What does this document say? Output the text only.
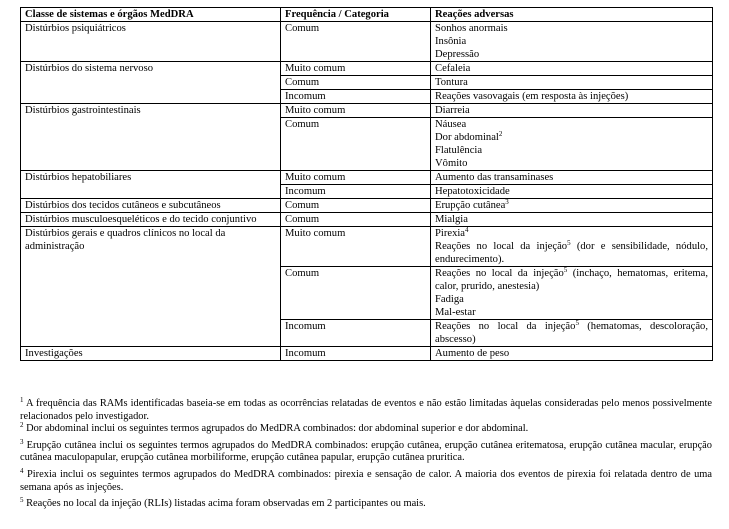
Classe de sistemas e órgãos MedDRA	Frequência / Categoria	Reações adversas
Distúrbios psiquiátricos	Comum	Sonhos anormais
Insônia
Depressão

Distúrbios do sistema nervoso	Muito comum	Cefaleia

	Comum	Tontura

	Incomum	Reações vasovagais (em resposta às injeções)

Distúrbios gastrointestinais	Muito comum	Diarreia

	Comum	Náusea
Dor abdominal$^2$
Flatulência
Vômito

Distúrbios hepatobiliares	Muito comum	Aumento das transaminases

	Incomum	Hepatotoxicidade

Distúrbios dos tecidos cutâneos e subcutâneos	Comum	Erupção cutânea$^3$

Distúrbios musculoesqueléticos e do tecido conjuntivo	Comum	Mialgia

Distúrbios gerais e quadros clínicos no local da administração	Muito comum	Pirexia$^4$
Reações no local da injeção$^5$ (dor e sensibilidade, nódulo, endurecimento).

	Comum	Reações no local da injeção$^5$ (inchaço, hematomas, eritema, calor, prurido, anestesia)
Fadiga
Mal-estar

	Incomum	Reações no local da injeção$^5$ (hematomas, descoloração, abscesso)

Investigações	Incomum	Aumento de peso
$^1$ A frequência das RAMs identificadas baseia-se em todas as ocorrências relatadas de eventos e não estão limitadas àquelas consideradas pelo menos possivelmente relacionados pelo investigador.
$^2$ Dor abdominal inclui os seguintes termos agrupados do MedDRA combinados: dor abdominal superior e dor abdominal.
$^3$ Erupção cutânea inclui os seguintes termos agrupados do MedDRA combinados: erupção cutânea, erupção cutânea eritematosa, erupção cutânea macular, erupção cutânea maculopapular, erupção cutânea morbiliforme, erupção cutânea papular, erupção cutânea pruritica.
$^4$ Pirexia inclui os seguintes termos agrupados do MedDRA combinados: pirexia e sensação de calor. A maioria dos eventos de pirexia foi relatada dentro de uma semana após as injeções.
$^5$ Reações no local da injeção (RLIs) listadas acima foram observadas em 2 participantes ou mais.
